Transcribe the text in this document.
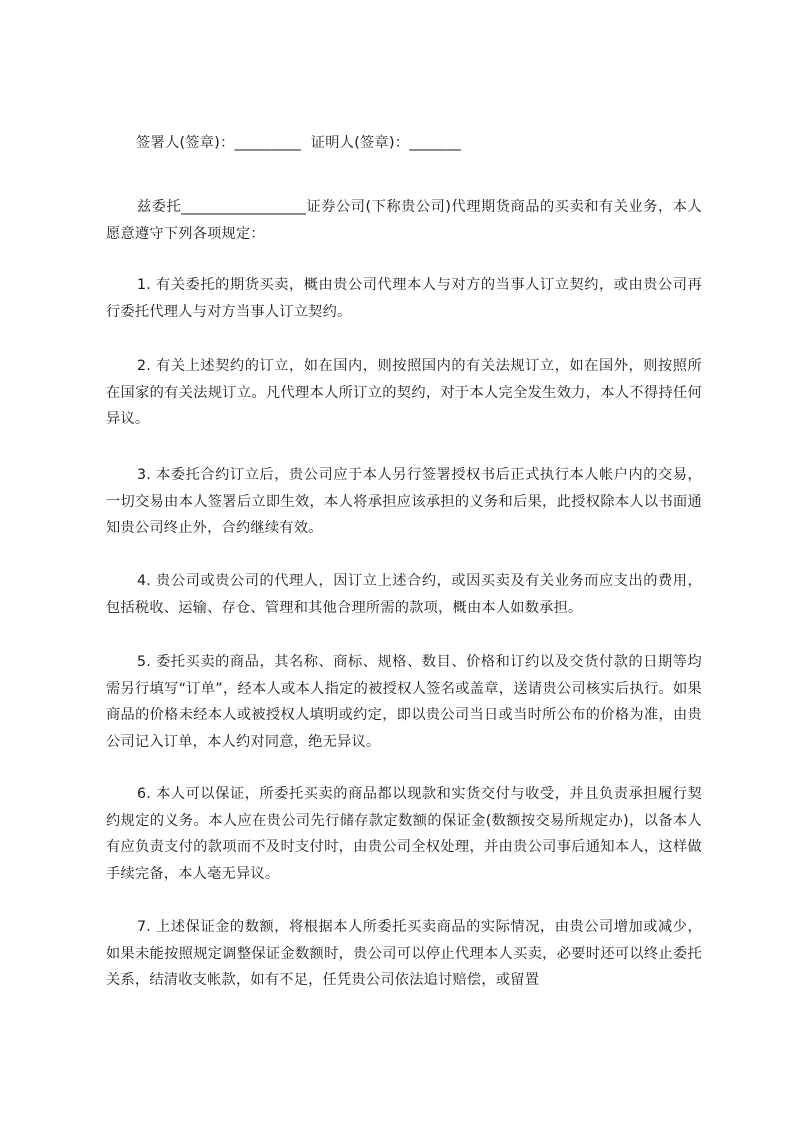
签署人(签章)：_________  证明人(签章)：_______

兹委托_________________证券公司(下称贵公司)代理期货商品的买卖和有关业务，本人愿意遵守下列各项规定：

1. 有关委托的期货买卖，概由贵公司代理本人与对方的当事人订立契约，或由贵公司再行委托代理人与对方当事人订立契约。

2. 有关上述契约的订立，如在国内，则按照国内的有关法规订立，如在国外，则按照所在国家的有关法规订立。凡代理本人所订立的契约，对于本人完全发生效力，本人不得持任何异议。

3. 本委托合约订立后，贵公司应于本人另行签署授权书后正式执行本人帐户内的交易，一切交易由本人签署后立即生效，本人将承担应该承担的义务和后果，此授权除本人以书面通知贵公司终止外，合约继续有效。

4. 贵公司或贵公司的代理人，因订立上述合约，或因买卖及有关业务而应支出的费用，包括税收、运输、存仓、管理和其他合理所需的款项，概由本人如数承担。

5. 委托买卖的商品，其名称、商标、规格、数目、价格和订约以及交货付款的日期等均需另行填写“订单”，经本人或本人指定的被授权人签名或盖章，送请贵公司核实后执行。如果商品的价格未经本人或被授权人填明或约定，即以贵公司当日或当时所公布的价格为准，由贵公司记入订单，本人约对同意，绝无异议。

6. 本人可以保证，所委托买卖的商品都以现款和实货交付与收受，并且负责承担履行契约规定的义务。本人应在贵公司先行储存款定数额的保证金(数额按交易所规定办)，以备本人有应负责支付的款项而不及时支付时，由贵公司全权处理，并由贵公司事后通知本人，这样做手续完备，本人毫无异议。

7. 上述保证金的数额，将根据本人所委托买卖商品的实际情况，由贵公司增加或减少，如果未能按照规定调整保证金数额时，贵公司可以停止代理本人买卖，必要时还可以终止委托关系，结清收支帐款，如有不足，任凭贵公司依法追讨赔偿，或留置
